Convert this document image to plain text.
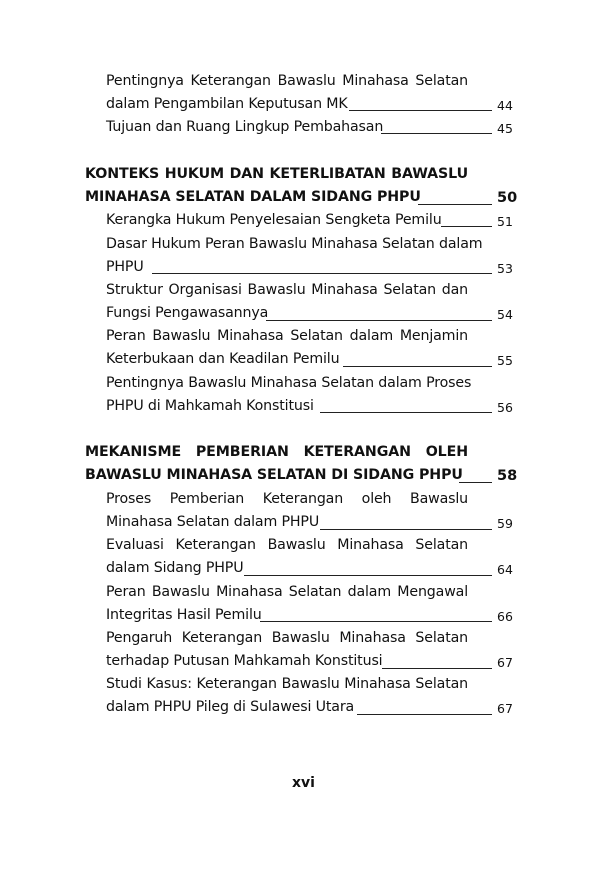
Pentingnya Keterangan Bawaslu Minahasa Selatan
dalam Pengambilan Keputusan MK	44
Tujuan dan Ruang Lingkup Pembahasan	45
KONTEKS HUKUM DAN KETERLIBATAN BAWASLU
MINAHASA SELATAN DALAM SIDANG PHPU	50
Kerangka Hukum Penyelesaian Sengketa Pemilu	51
Dasar Hukum Peran Bawaslu Minahasa Selatan dalam
PHPU	53
Struktur Organisasi Bawaslu Minahasa Selatan dan
Fungsi Pengawasannya	54
Peran Bawaslu Minahasa Selatan dalam Menjamin
Keterbukaan dan Keadilan Pemilu	55
Pentingnya Bawaslu Minahasa Selatan dalam Proses
PHPU di Mahkamah Konstitusi	56
MEKANISME PEMBERIAN KETERANGAN OLEH
BAWASLU MINAHASA SELATAN DI SIDANG PHPU 58
Proses Pemberian Keterangan oleh Bawaslu
Minahasa Selatan dalam PHPU	59
Evaluasi Keterangan Bawaslu Minahasa Selatan
dalam Sidang PHPU	64
Peran Bawaslu Minahasa Selatan dalam Mengawal
Integritas Hasil Pemilu	66
Pengaruh Keterangan Bawaslu Minahasa Selatan
terhadap Putusan Mahkamah Konstitusi	67
Studi Kasus: Keterangan Bawaslu Minahasa Selatan
dalam PHPU Pileg di Sulawesi Utara	67
xvi
